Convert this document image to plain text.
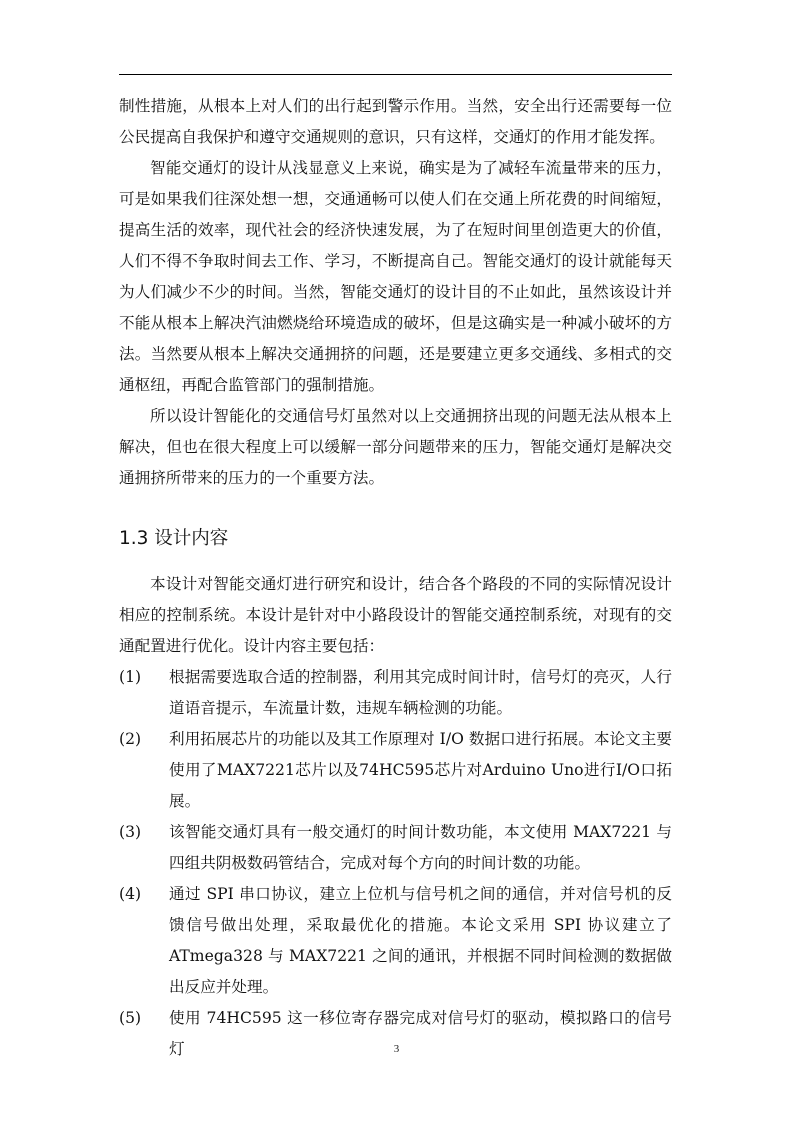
制性措施，从根本上对人们的出行起到警示作用。当然，安全出行还需要每一位公民提高自我保护和遵守交通规则的意识，只有这样，交通灯的作用才能发挥。

智能交通灯的设计从浅显意义上来说，确实是为了减轻车流量带来的压力，可是如果我们往深处想一想，交通通畅可以使人们在交通上所花费的时间缩短，提高生活的效率，现代社会的经济快速发展，为了在短时间里创造更大的价值，人们不得不争取时间去工作、学习，不断提高自己。智能交通灯的设计就能每天为人们减少不少的时间。当然，智能交通灯的设计目的不止如此，虽然该设计并不能从根本上解决汽油燃烧给环境造成的破坏，但是这确实是一种减小破坏的方法。当然要从根本上解决交通拥挤的问题，还是要建立更多交通线、多相式的交通枢纽，再配合监管部门的强制措施。

所以设计智能化的交通信号灯虽然对以上交通拥挤出现的问题无法从根本上解决，但也在很大程度上可以缓解一部分问题带来的压力，智能交通灯是解决交通拥挤所带来的压力的一个重要方法。

1.3 设计内容

本设计对智能交通灯进行研究和设计，结合各个路段的不同的实际情况设计相应的控制系统。本设计是针对中小路段设计的智能交通控制系统，对现有的交通配置进行优化。设计内容主要包括：

(1) 根据需要选取合适的控制器，利用其完成时间计时，信号灯的亮灭，人行道语音提示，车流量计数，违规车辆检测的功能。
(2) 利用拓展芯片的功能以及其工作原理对 I/O 数据口进行拓展。本论文主要使用了MAX7221芯片以及74HC595芯片对Arduino Uno进行I/O口拓展。
(3) 该智能交通灯具有一般交通灯的时间计数功能，本文使用 MAX7221 与四组共阴极数码管结合，完成对每个方向的时间计数的功能。
(4) 通过 SPI 串口协议，建立上位机与信号机之间的通信，并对信号机的反馈信号做出处理，采取最优化的措施。本论文采用 SPI 协议建立了ATmega328 与 MAX7221 之间的通讯，并根据不同时间检测的数据做出反应并处理。
(5) 使用 74HC595 这一移位寄存器完成对信号灯的驱动，模拟路口的信号灯	3
